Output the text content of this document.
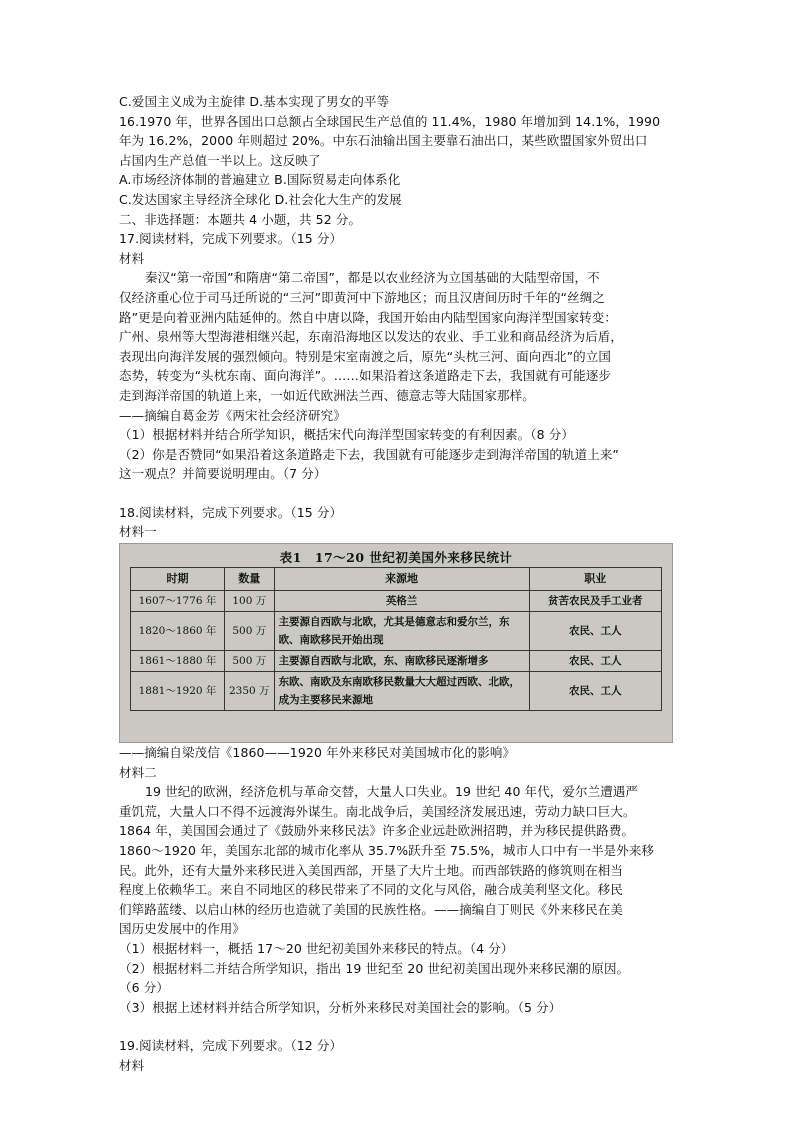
C.爱国主义成为主旋律 D.基本实现了男女的平等
16.1970 年，世界各国出口总额占全球国民生产总值的 11.4%，1980 年增加到 14.1%，1990
年为 16.2%，2000 年则超过 20%。中东石油输出国主要靠石油出口，某些欧盟国家外贸出口
占国内生产总值一半以上。这反映了
A.市场经济体制的普遍建立 B.国际贸易走向体系化
C.发达国家主导经济全球化 D.社会化大生产的发展
二、非选择题：本题共 4 小题，共 52 分。
17.阅读材料，完成下列要求。（15 分）
材料
秦汉“第一帝国”和隋唐“第二帝国”，都是以农业经济为立国基础的大陆型帝国，不
仅经济重心位于司马迁所说的“三河”即黄河中下游地区；而且汉唐间历时千年的“丝绸之
路”更是向着亚洲内陆延伸的。然自中唐以降，我国开始由内陆型国家向海洋型国家转变：
广州、泉州等大型海港相继兴起，东南沿海地区以发达的农业、手工业和商品经济为后盾，
表现出向海洋发展的强烈倾向。特别是宋室南渡之后，原先“头枕三河、面向西北”的立国
态势，转变为“头枕东南、面向海洋”。……如果沿着这条道路走下去，我国就有可能逐步
走到海洋帝国的轨道上来，一如近代欧洲法兰西、德意志等大陆国家那样。
——摘编自葛金芳《两宋社会经济研究》
（1）根据材料并结合所学知识，概括宋代向海洋型国家转变的有利因素。（8 分）
（2）你是否赞同“如果沿着这条道路走下去，我国就有可能逐步走到海洋帝国的轨道上来”
这一观点？并简要说明理由。（7 分）
18.阅读材料，完成下列要求。（15 分）
材料一
表1　17～20 世纪初美国外来移民统计
时期	数量	来源地	职业
1607～1776 年	100 万	英格兰	贫苦农民及手工业者
1820～1860 年	500 万	主要源自西欧与北欧，尤其是德意志和爱尔兰，东欧、南欧移民开始出现	农民、工人
1861～1880 年	500 万	主要源自西欧与北欧，东、南欧移民逐渐增多	农民、工人
1881～1920 年	2350 万	东欧、南欧及东南欧移民数量大大超过西欧、北欧，成为主要移民来源地	农民、工人
——摘编自梁茂信《1860——1920 年外来移民对美国城市化的影响》
材料二
19 世纪的欧洲，经济危机与革命交替，大量人口失业。19 世纪 40 年代，爱尔兰遭遇严
重饥荒，大量人口不得不远渡海外谋生。南北战争后，美国经济发展迅速，劳动力缺口巨大。
1864 年，美国国会通过了《鼓励外来移民法》许多企业远赴欧洲招聘，并为移民提供路费。
1860～1920 年，美国东北部的城市化率从 35.7%跃升至 75.5%，城市人口中有一半是外来移
民。此外，还有大量外来移民进入美国西部，开垦了大片土地。而西部铁路的修筑则在相当
程度上依赖华工。来自不同地区的移民带来了不同的文化与风俗，融合成美利坚文化。移民
们筚路蓝缕、以启山林的经历也造就了美国的民族性格。——摘编自丁则民《外来移民在美
国历史发展中的作用》
（1）根据材料一，概括 17～20 世纪初美国外来移民的特点。（4 分）
（2）根据材料二并结合所学知识，指出 19 世纪至 20 世纪初美国出现外来移民潮的原因。
（6 分）
（3）根据上述材料并结合所学知识，分析外来移民对美国社会的影响。（5 分）
19.阅读材料，完成下列要求。（12 分）
材料
